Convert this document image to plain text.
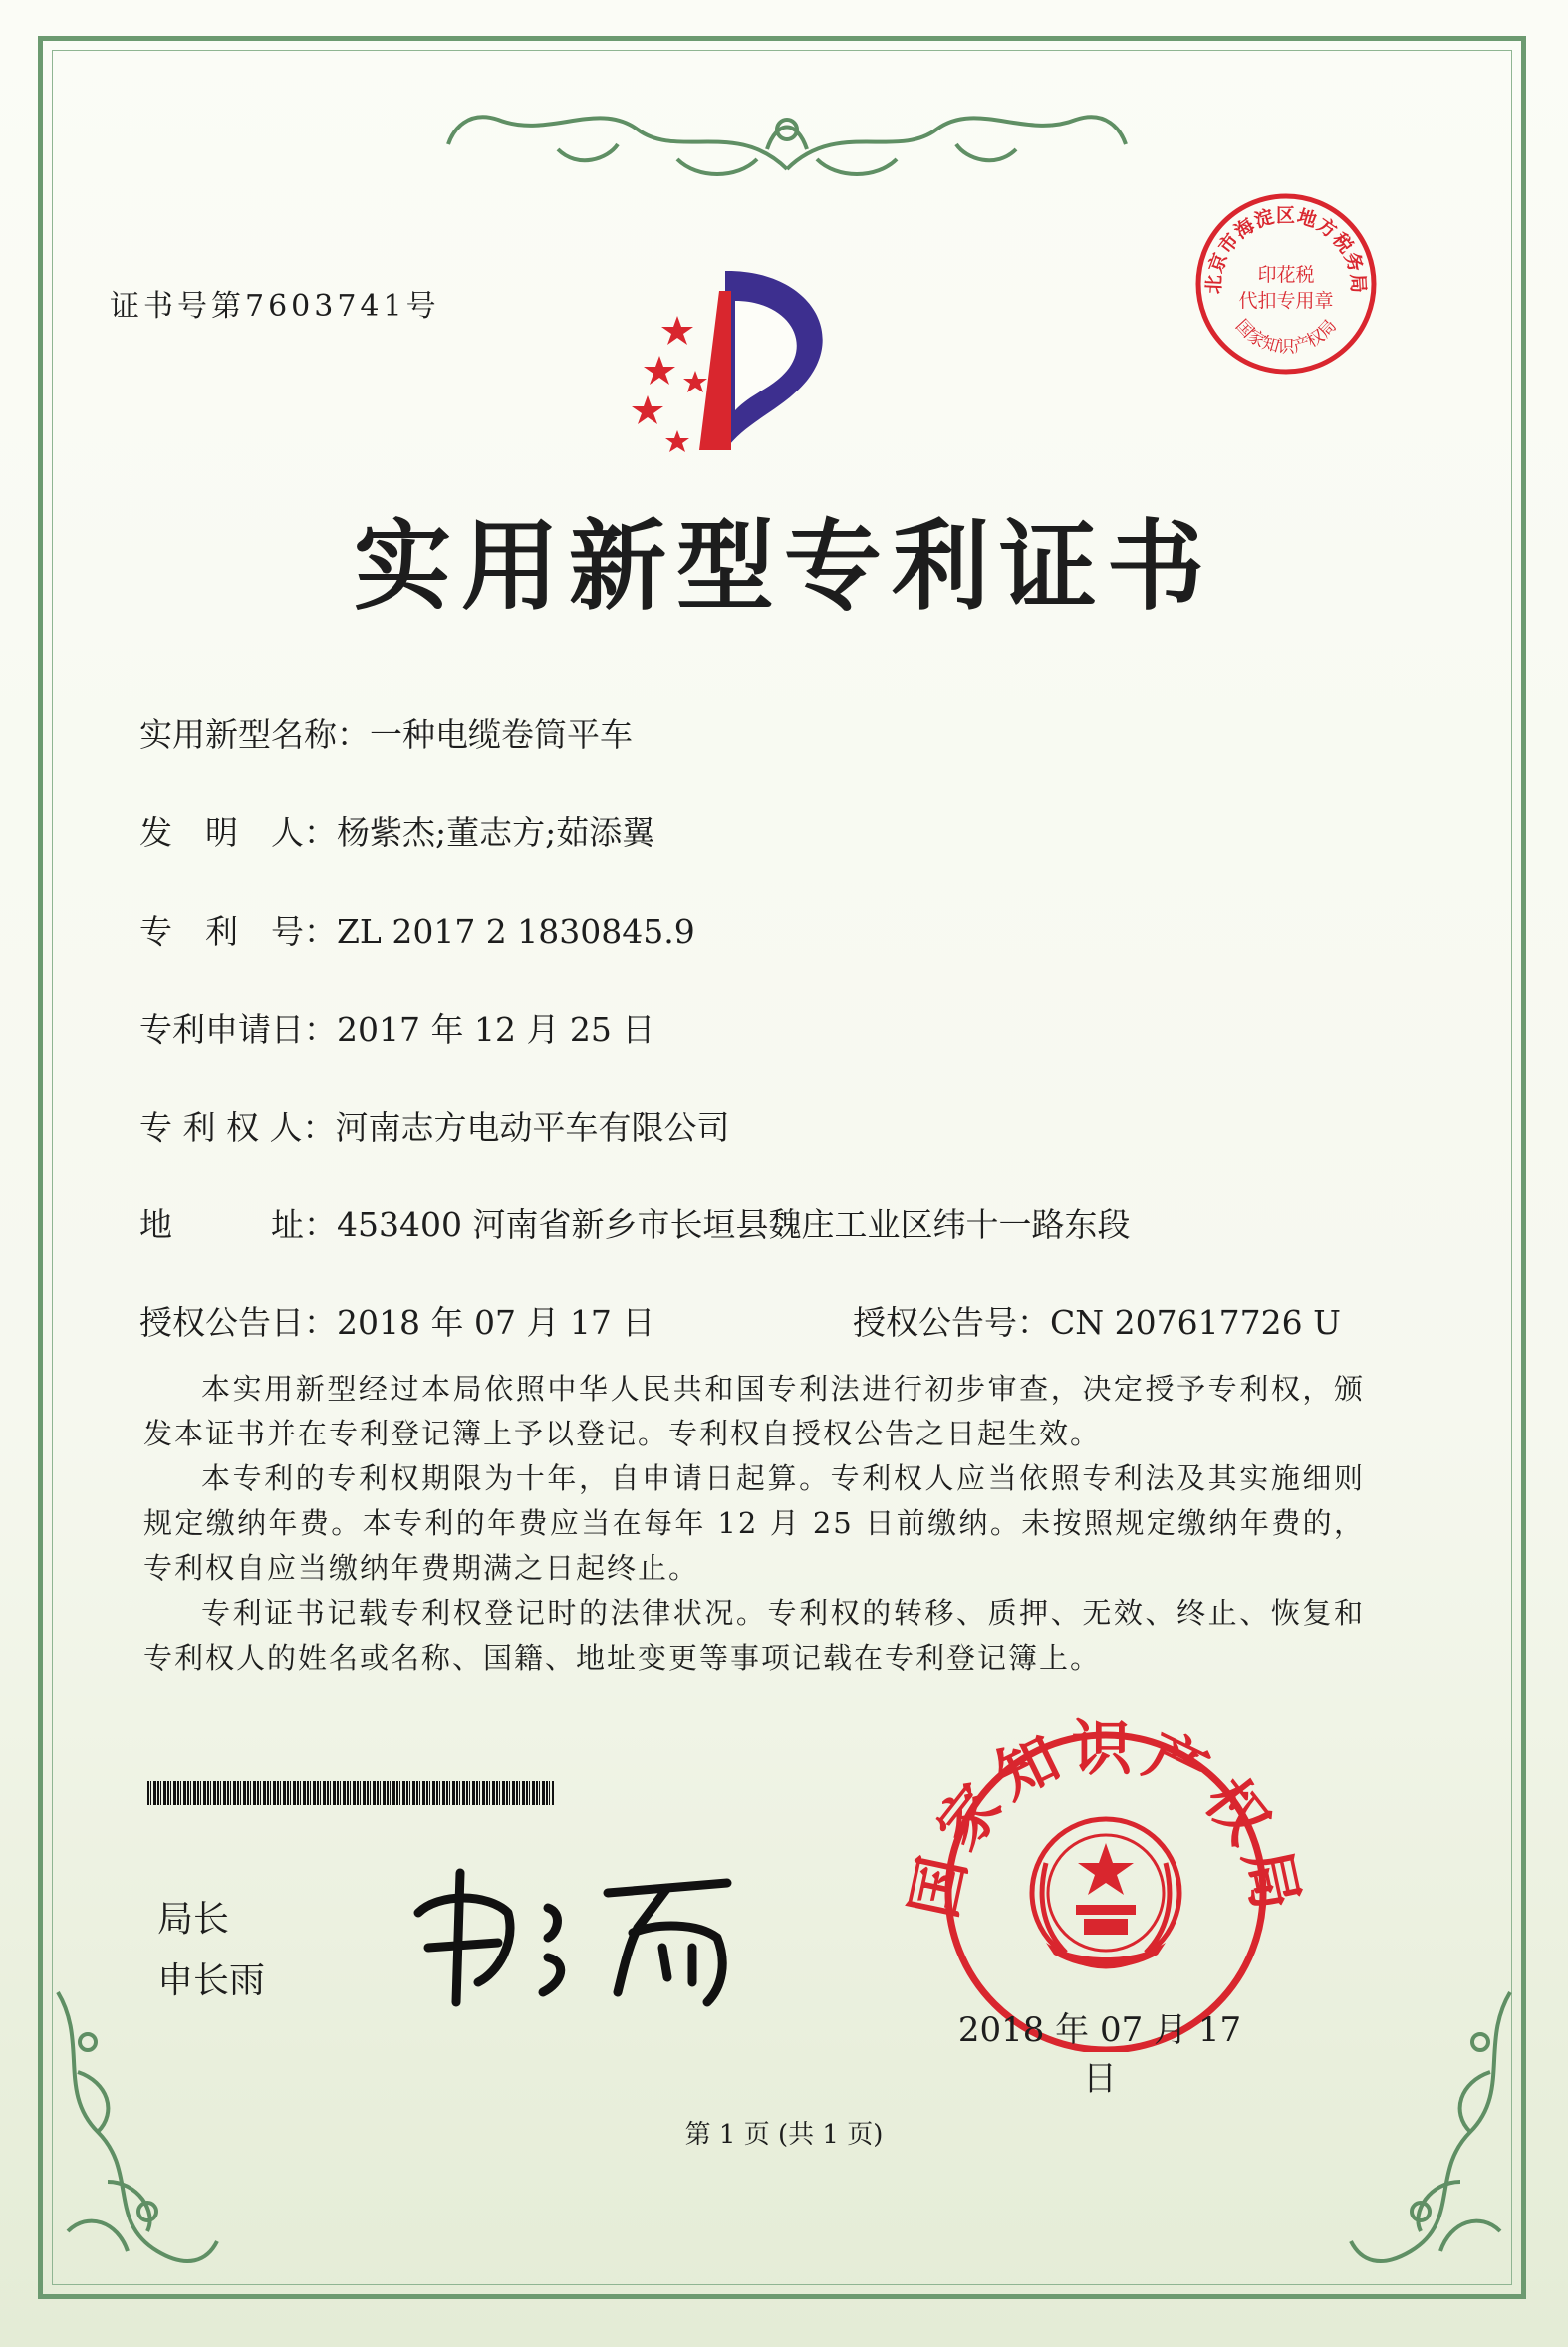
证书号第7603741号
北京市海淀区地方税务局
国家知识产权局
印花税
代扣专用章
实用新型专利证书
实用新型名称：一种电缆卷筒平车
发　明　人：杨紫杰;董志方;茹添翼
专　利　号：ZL 2017 2 1830845.9
专利申请日：2017 年 12 月 25 日
专 利 权 人：河南志方电动平车有限公司
地　　　址：453400 河南省新乡市长垣县魏庄工业区纬十一路东段
授权公告日：2018 年 07 月 17 日	授权公告号：CN 207617726 U

本实用新型经过本局依照中华人民共和国专利法进行初步审查，决定授予专利权，颁发本证书并在专利登记簿上予以登记。专利权自授权公告之日起生效。

本专利的专利权期限为十年，自申请日起算。专利权人应当依照专利法及其实施细则规定缴纳年费。本专利的年费应当在每年 12 月 25 日前缴纳。未按照规定缴纳年费的，专利权自应当缴纳年费期满之日起终止。

专利证书记载专利权登记时的法律状况。专利权的转移、质押、无效、终止、恢复和专利权人的姓名或名称、国籍、地址变更等事项记载在专利登记簿上。

局长
申长雨
国家知识产权局
2018 年 07 月 17 日
第 1 页 (共 1 页)
